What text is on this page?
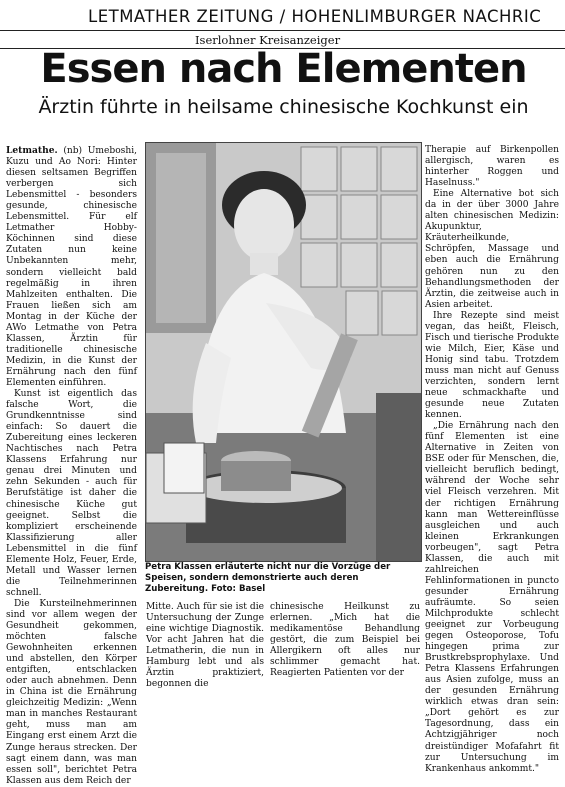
LETMATHER ZEITUNG / HOHENLIMBURGER NACHRIC
Iserlohner Kreisanzeiger
Essen nach Elementen
Ärztin führte in heilsame chinesische Kochkunst ein

Letmathe. (nb) Umeboshi, Kuzu und Ao Nori: Hinter diesen seltsamen Begriffen verbergen sich Lebensmittel - besonders gesunde, chinesische Lebensmittel. Für elf Letmather Hobby-Köchinnen sind diese Zutaten nun keine Unbekannten mehr, sondern vielleicht bald regelmäßig in ihren Mahlzeiten enthalten. Die Frauen ließen sich am Montag in der Küche der AWo Letmathe von Petra Klassen, Ärztin für traditionelle chinesische Medizin, in die Kunst der Ernährung nach den fünf Elementen einführen.

Kunst ist eigentlich das falsche Wort, die Grundkenntnisse sind einfach: So dauert die Zubereitung eines leckeren Nachtisches nach Petra Klassens Erfahrung nur genau drei Minuten und zehn Sekunden - auch für Berufstätige ist daher die chinesische Küche gut geeignet. Selbst die kompliziert erscheinende Klassifizierung aller Lebensmittel in die fünf Elemente Holz, Feuer, Erde, Metall und Wasser lernen die Teilnehmerinnen schnell.

Die Kursteilnehmerinnen sind vor allem wegen der Gesundheit gekommen, möchten falsche Gewohnheiten erkennen und abstellen, den Körper entgiften, entschlacken oder auch abnehmen. Denn in China ist die Ernährung gleichzeitig Medizin: „Wenn man in manches Restaurant geht, muss man am Eingang erst einem Arzt die Zunge heraus strecken. Der sagt einem dann, was man essen soll", berichtet Petra Klassen aus dem Reich der

Petra Klassen erläuterte nicht nur die Vorzüge der Speisen, sondern demonstrierte auch deren Zubereitung. Foto: Basel

Mitte. Auch für sie ist die Untersuchung der Zunge eine wichtige Diagnostik. Vor acht Jahren hat die Letmatherin, die nun in Hamburg lebt und als Ärztin praktiziert, begonnen die

chinesische Heilkunst zu erlernen. „Mich hat die medikamentöse Behandlung gestört, die zum Beispiel bei Allergikern oft alles nur schlimmer gemacht hat. Reagierten Patienten vor der

Therapie auf Birkenpollen allergisch, waren es hinterher Roggen und Haselnuss."

Eine Alternative bot sich da in der über 3000 Jahre alten chinesischen Medizin: Akupunktur, Kräuterheilkunde, Schröpfen, Massage und eben auch die Ernährung gehören nun zu den Behandlungsmethoden der Ärztin, die zeitweise auch in Asien arbeitet.

Ihre Rezepte sind meist vegan, das heißt, Fleisch, Fisch und tierische Produkte wie Milch, Eier, Käse und Honig sind tabu. Trotzdem muss man nicht auf Genuss verzichten, sondern lernt neue schmackhafte und gesunde neue Zutaten kennen.

„Die Ernährung nach den fünf Elementen ist eine Alternative in Zeiten von BSE oder für Menschen, die, vielleicht beruflich bedingt, während der Woche sehr viel Fleisch verzehren. Mit der richtigen Ernährung kann man Wettereinflüsse ausgleichen und auch kleinen Erkrankungen vorbeugen", sagt Petra Klassen, die auch mit zahlreichen Fehlinformationen in puncto gesunder Ernährung aufräumte. So seien Milchprodukte schlecht geeignet zur Vorbeugung gegen Osteoporose, Tofu hingegen prima zur Brustkrebsprophylaxe. Und Petra Klassens Erfahrungen aus Asien zufolge, muss an der gesunden Ernährung wirklich etwas dran sein: „Dort gehört es zur Tagesordnung, dass ein Achtzigjähriger noch dreistündiger Mofafahrt fit zur Untersuchung im Krankenhaus ankommt."
